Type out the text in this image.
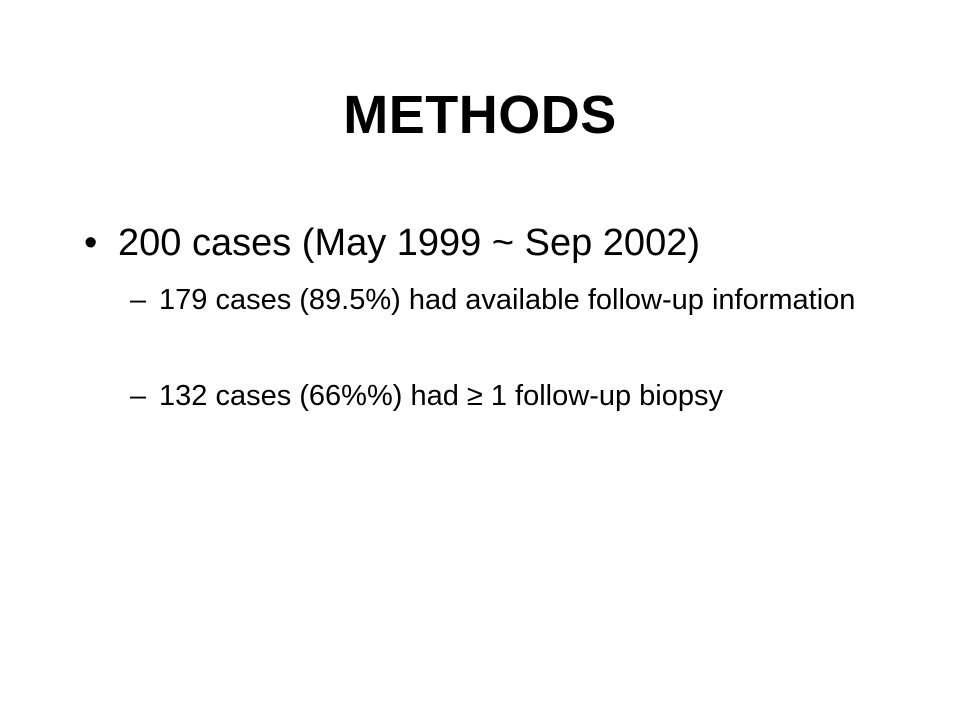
METHODS
• 200 cases (May 1999 ~ Sep 2002)
– 179 cases (89.5%) had available follow-up information
– 132 cases (66%%) had ≥ 1 follow-up biopsy
